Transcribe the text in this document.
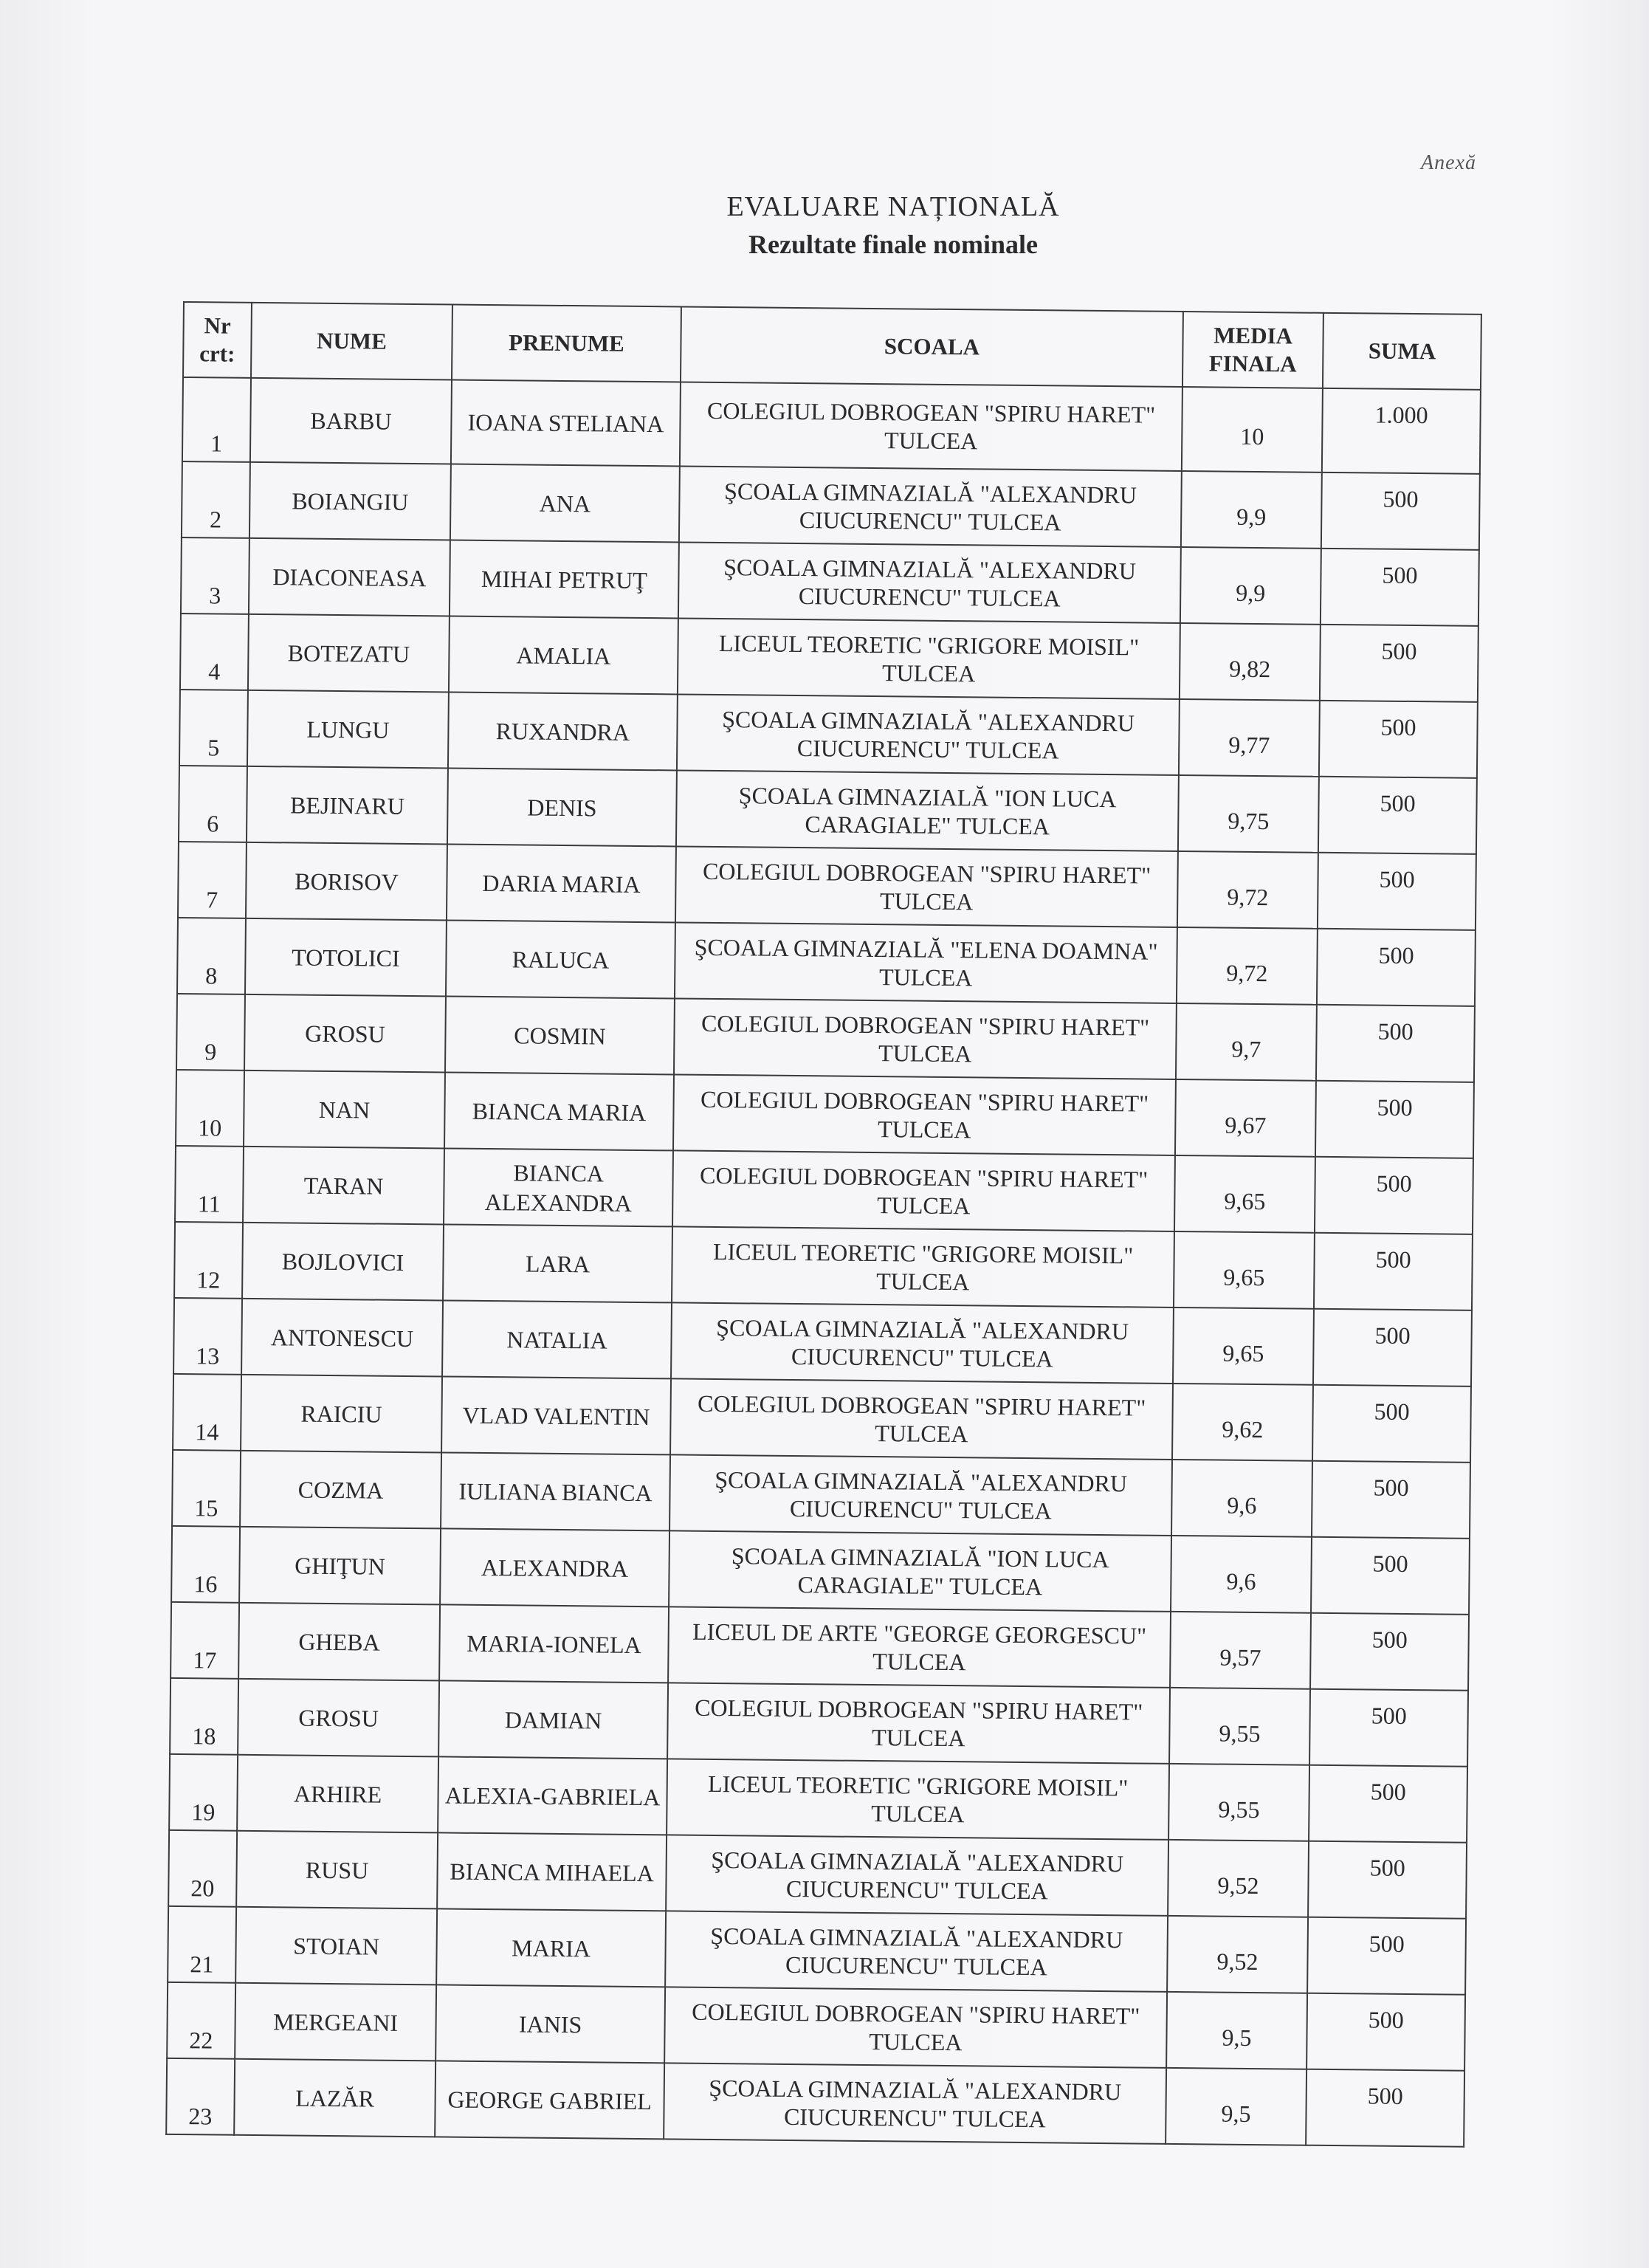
Anexă
EVALUARE NAȚIONALĂ
Rezultate finale nominale
Nr crt:	NUME	PRENUME	SCOALA	MEDIA FINALA	SUMA
1	BARBU	IOANA STELIANA	COLEGIUL DOBROGEAN "SPIRU HARET" TULCEA	10	1.000
2	BOIANGIU	ANA	ŞCOALA GIMNAZIALĂ "ALEXANDRU CIUCURENCU" TULCEA	9,9	500
3	DIACONEASA	MIHAI PETRUŢ	ŞCOALA GIMNAZIALĂ "ALEXANDRU CIUCURENCU" TULCEA	9,9	500
4	BOTEZATU	AMALIA	LICEUL TEORETIC "GRIGORE MOISIL" TULCEA	9,82	500
5	LUNGU	RUXANDRA	ŞCOALA GIMNAZIALĂ "ALEXANDRU CIUCURENCU" TULCEA	9,77	500
6	BEJINARU	DENIS	ŞCOALA GIMNAZIALĂ "ION LUCA CARAGIALE" TULCEA	9,75	500
7	BORISOV	DARIA MARIA	COLEGIUL DOBROGEAN "SPIRU HARET" TULCEA	9,72	500
8	TOTOLICI	RALUCA	ŞCOALA GIMNAZIALĂ "ELENA DOAMNA" TULCEA	9,72	500
9	GROSU	COSMIN	COLEGIUL DOBROGEAN "SPIRU HARET" TULCEA	9,7	500
10	NAN	BIANCA MARIA	COLEGIUL DOBROGEAN "SPIRU HARET" TULCEA	9,67	500
11	TARAN	BIANCA ALEXANDRA	COLEGIUL DOBROGEAN "SPIRU HARET" TULCEA	9,65	500
12	BOJLOVICI	LARA	LICEUL TEORETIC "GRIGORE MOISIL" TULCEA	9,65	500
13	ANTONESCU	NATALIA	ŞCOALA GIMNAZIALĂ "ALEXANDRU CIUCURENCU" TULCEA	9,65	500
14	RAICIU	VLAD VALENTIN	COLEGIUL DOBROGEAN "SPIRU HARET" TULCEA	9,62	500
15	COZMA	IULIANA BIANCA	ŞCOALA GIMNAZIALĂ "ALEXANDRU CIUCURENCU" TULCEA	9,6	500
16	GHIŢUN	ALEXANDRA	ŞCOALA GIMNAZIALĂ "ION LUCA CARAGIALE" TULCEA	9,6	500
17	GHEBA	MARIA-IONELA	LICEUL DE ARTE "GEORGE GEORGESCU" TULCEA	9,57	500
18	GROSU	DAMIAN	COLEGIUL DOBROGEAN "SPIRU HARET" TULCEA	9,55	500
19	ARHIRE	ALEXIA-GABRIELA	LICEUL TEORETIC "GRIGORE MOISIL" TULCEA	9,55	500
20	RUSU	BIANCA MIHAELA	ŞCOALA GIMNAZIALĂ "ALEXANDRU CIUCURENCU" TULCEA	9,52	500
21	STOIAN	MARIA	ŞCOALA GIMNAZIALĂ "ALEXANDRU CIUCURENCU" TULCEA	9,52	500
22	MERGEANI	IANIS	COLEGIUL DOBROGEAN "SPIRU HARET" TULCEA	9,5	500
23	LAZĂR	GEORGE GABRIEL	ŞCOALA GIMNAZIALĂ "ALEXANDRU CIUCURENCU" TULCEA	9,5	500
